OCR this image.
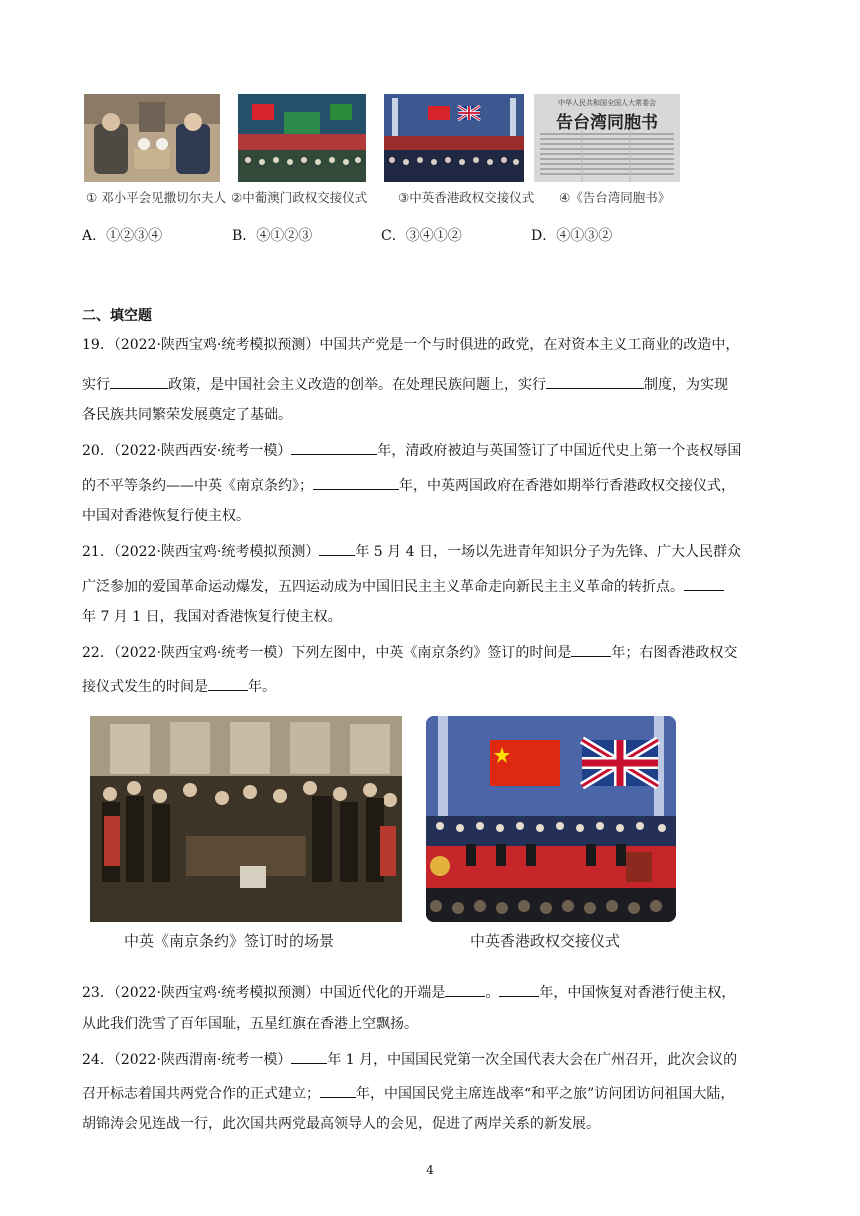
中华人民共和国全国人大常委会
告台湾同胞书
① 邓小平会见撒切尔夫人 ②中葡澳门政权交接仪式 ③中英香港政权交接仪式 ④《告台湾同胞书》
A．①②③④	B．④①②③	C．③④①②	D．④①③②
二、填空题
19．（2022·陕西宝鸡·统考模拟预测）中国共产党是一个与时俱进的政党，在对资本主义工商业的改造中，
实行	政策，是中国社会主义改造的创举。在处理民族问题上，实行	制度，为实现
各民族共同繁荣发展奠定了基础。
20．（2022·陕西西安·统考一模）	年，清政府被迫与英国签订了中国近代史上第一个丧权辱国
的不平等条约——中英《南京条约》；	年，中英两国政府在香港如期举行香港政权交接仪式，
中国对香港恢复行使主权。
21．（2022·陕西宝鸡·统考模拟预测）	年 5 月 4 日，一场以先进青年知识分子为先锋、广大人民群众
广泛参加的爱国革命运动爆发，五四运动成为中国旧民主主义革命走向新民主主义革命的转折点。
年 7 月 1 日，我国对香港恢复行使主权。
22．（2022·陕西宝鸡·统考一模）下列左图中，中英《南京条约》签订的时间是	年；右图香港政权交
接仪式发生的时间是	年。
中英《南京条约》签订时的场景	中英香港政权交接仪式
23．（2022·陕西宝鸡·统考模拟预测）中国近代化的开端是	。	年，中国恢复对香港行使主权，
从此我们洗雪了百年国耻，五星红旗在香港上空飘扬。
24．（2022·陕西渭南·统考一模）	年 1 月，中国国民党第一次全国代表大会在广州召开，此次会议的
召开标志着国共两党合作的正式建立；	年，中国国民党主席连战率“和平之旅”访问团访问祖国大陆，
胡锦涛会见连战一行，此次国共两党最高领导人的会见，促进了两岸关系的新发展。
4
